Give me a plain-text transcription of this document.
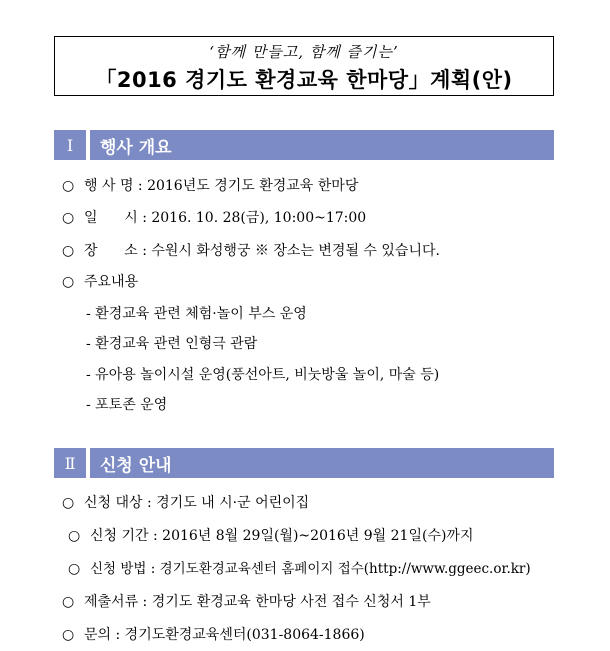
‘함께 만들고, 함께 즐기는’
「2016 경기도 환경교육 한마당」계획(안)
Ⅰ	행사 개요
○ 행 사 명 : 2016년도 경기도 환경교육 한마당
○ 일      시 : 2016. 10. 28(금), 10:00~17:00
○ 장      소 : 수원시 화성행궁 ※ 장소는 변경될 수 있습니다.
○ 주요내용
- 환경교육 관련 체험·놀이 부스 운영
- 환경교육 관련 인형극 관람
- 유아용 놀이시설 운영(풍선아트, 비눗방울 놀이, 마술 등)
- 포토존 운영
Ⅱ	신청 안내
○ 신청 대상 : 경기도 내 시·군 어린이집
○ 신청 기간 : 2016년 8월 29일(월)~2016년 9월 21일(수)까지
○ 신청 방법 : 경기도환경교육센터 홈페이지 접수(http://www.ggeec.or.kr)
○ 제출서류 : 경기도 환경교육 한마당 사전 접수 신청서 1부
○ 문의 : 경기도환경교육센터(031-8064-1866)
